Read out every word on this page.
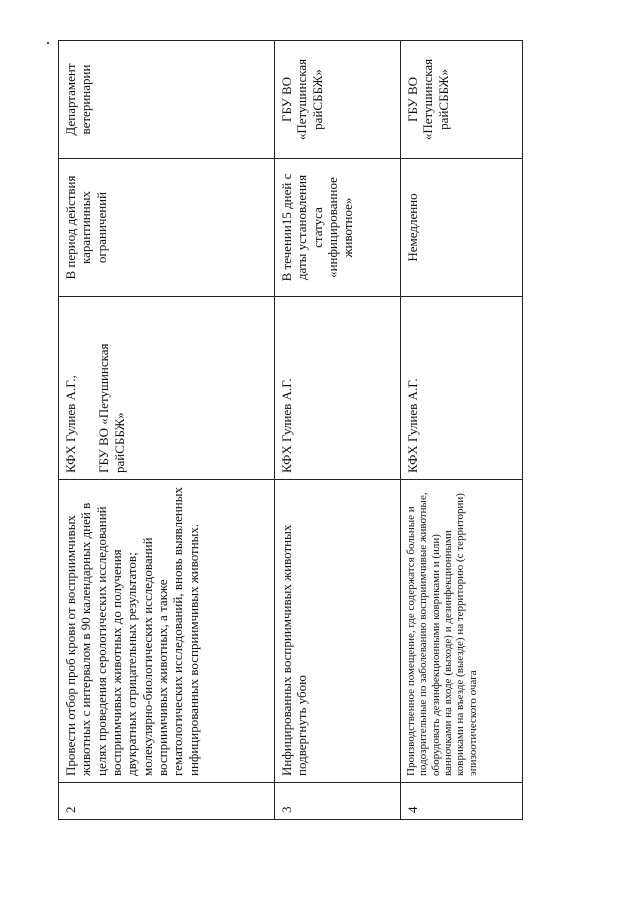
2	Провести отбор проб крови от восприимчивых животных с интервалом в 90 календарных дней в целях проведения серологических исследований восприимчивых животных до получения двукратных отрицательных результатов; молекулярно-биологических исследований восприимчивых животных, а также гематологических исследований, вновь выявленных инфицированных восприимчивых животных.	КФХ Гулиев А.Г., ГБУ ВО «Петушинская райСББЖ»	В период действия карантинных ограничений	Департамент ветеринарии
3	Инфицированных восприимчивых животных подвергнуть убою	КФХ Гулиев А.Г.	В течении15 дней с даты установления статуса «инфицированное животное»	ГБУ ВО «Петушинская райСББЖ»
4	Производственное помещение, где содержатся больные и подозрительные по заболеванию восприимчивые животные, оборудовать дезинфекционными ковриками и (или) ванночками на входе (выходе) и дезинфекционными ковриками на въезде (выезде) на территорию (с территории) эпизоотического очага	КФХ Гулиев А.Г.	Немедленно	ГБУ ВО «Петушинская райСББЖ»
